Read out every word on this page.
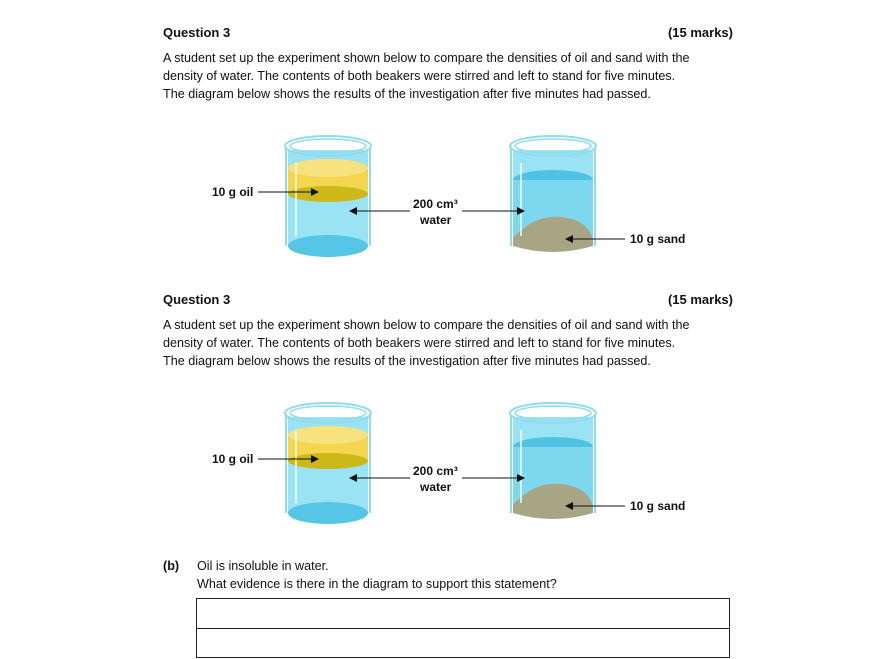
Question 3	(15 marks)
A student set up the experiment shown below to compare the densities of oil and sand with the
density of water. The contents of both beakers were stirred and left to stand for five minutes.
The diagram below shows the results of the investigation after five minutes had passed.
10 g oil
200 cm³
water
10 g sand
Question 3	(15 marks)
A student set up the experiment shown below to compare the densities of oil and sand with the
density of water. The contents of both beakers were stirred and left to stand for five minutes.
The diagram below shows the results of the investigation after five minutes had passed.
10 g oil
200 cm³
water
10 g sand
(b) Oil is insoluble in water.
What evidence is there in the diagram to support this statement?
